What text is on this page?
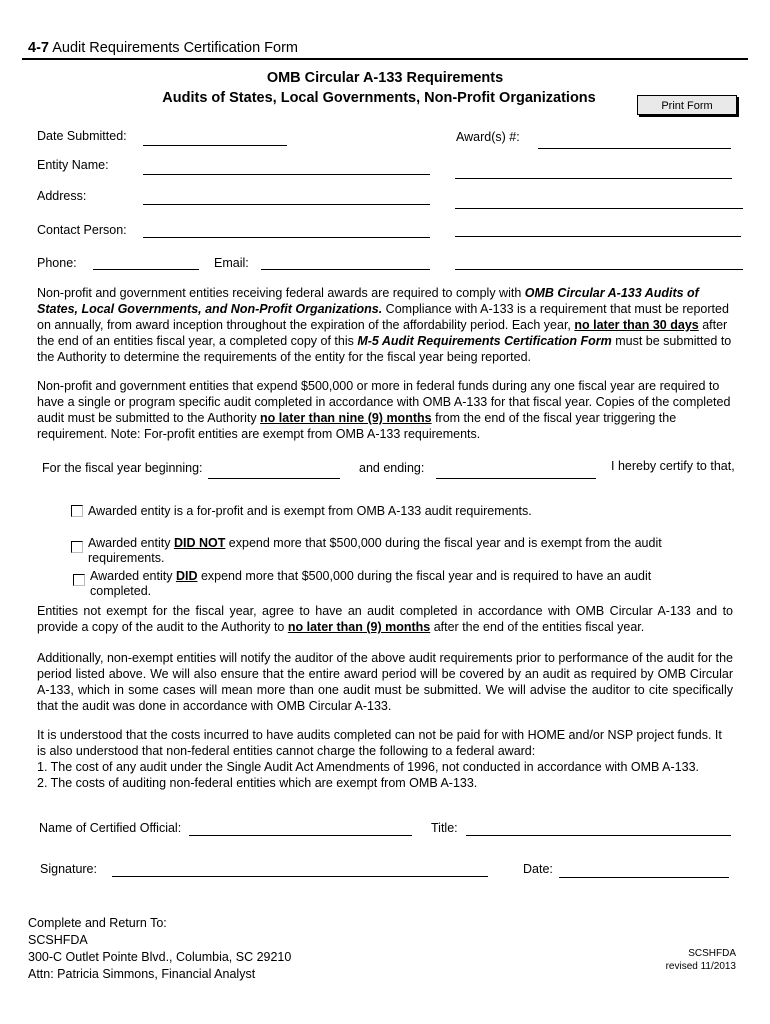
4-7 Audit Requirements Certification Form
OMB Circular A-133 Requirements
Audits of States, Local Governments, Non-Profit Organizations	Print Form
Date Submitted:	Award(s) #:
Entity Name:
Address:
Contact Person:
Phone:	Email:
Non-profit and government entities receiving federal awards are required to comply with OMB Circular A-133 Audits of States, Local Governments, and Non-Profit Organizations. Compliance with A-133 is a requirement that must be reported on annually, from award inception throughout the expiration of the affordability period. Each year, no later than 30 days after the end of an entities fiscal year, a completed copy of this M-5 Audit Requirements Certification Form must be submitted to the Authority to determine the requirements of the entity for the fiscal year being reported.
Non-profit and government entities that expend $500,000 or more in federal funds during any one fiscal year are required to have a single or program specific audit completed in accordance with OMB A-133 for that fiscal year. Copies of the completed audit must be submitted to the Authority no later than nine (9) months from the end of the fiscal year triggering the requirement. Note: For-profit entities are exempt from OMB A-133 requirements.
For the fiscal year beginning:	and ending:	I hereby certify to that,
Awarded entity is a for-profit and is exempt from OMB A-133 audit requirements.
Awarded entity DID NOT expend more that $500,000 during the fiscal year and is exempt from the audit requirements.
Awarded entity DID expend more that $500,000 during the fiscal year and is required to have an audit completed.
Entities not exempt for the fiscal year, agree to have an audit completed in accordance with OMB Circular A-133 and to provide a copy of the audit to the Authority to no later than (9) months after the end of the entities fiscal year.
Additionally, non-exempt entities will notify the auditor of the above audit requirements prior to performance of the audit for the period listed above. We will also ensure that the entire award period will be covered by an audit as required by OMB Circular A-133, which in some cases will mean more than one audit must be submitted. We will advise the auditor to cite specifically that the audit was done in accordance with OMB Circular A-133.
It is understood that the costs incurred to have audits completed can not be paid for with HOME and/or NSP project funds. It is also understood that non-federal entities cannot charge the following to a federal award:
1. The cost of any audit under the Single Audit Act Amendments of 1996, not conducted in accordance with OMB A-133.
2. The costs of auditing non-federal entities which are exempt from OMB A-133.
Name of Certified Official:	Title:
Signature:	Date:
Complete and Return To:
SCSHFDA
300-C Outlet Pointe Blvd., Columbia, SC 29210
Attn: Patricia Simmons, Financial Analyst
SCSHFDA
revised 11/2013
